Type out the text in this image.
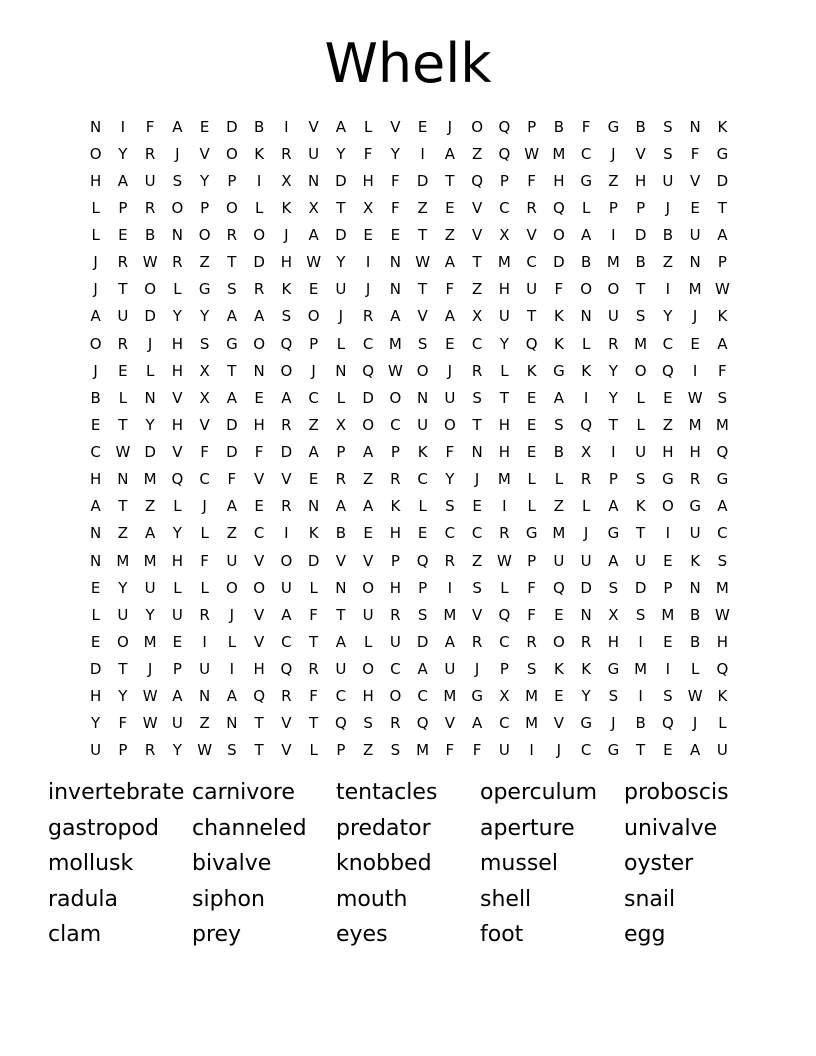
Whelk
N	I	F	A	E	D	B	I	V	A	L	V	E	J	O	Q	P	B	F	G	B	S	N	K
O	Y	R	J	V	O	K	R	U	Y	F	Y	I	A	Z	Q W M	C	J	V	S	F	G
H	A	U	S	Y	P	I	X	N	D	H	F	D	T	Q	P	F	H	G	Z	H	U	V	D
L	P	R	O	P	O	L	K	X	T	X	F	Z	E	V	C	R	Q	L	P	P	J	E	T
L	E	B	N	O	R	O	J	A	D	E	E	T	Z	V	X	V	O	A	I	D	B	U	A
J	R W R	Z	T	D	H W	Y	I	N W A	T	M	C	D	B	M	B	Z	N	P
J	T	O	L	G	S	R	K	E	U	J	N	T	F	Z	H	U	F	O	O	T	I	M W
A	U	D	Y	Y	A	A	S	O	J	R	A	V	A	X	U	T	K	N	U	S	Y	J	K
O	R	J	H	S	G	O	Q	P	L	C	M	S	E	C	Y	Q	K	L	R	M	C	E	A
J	E	L	H	X	T	N	O	J	N	Q W O	J	R	L	K	G	K	Y	O	Q	I	F
B	L	N	V	X	A	E	A	C	L	D	O	N	U	S	T	E	A	I	Y	L	E	W	S
E	T	Y	H	V	D	H	R	Z	X	O	C	U	O	T	H	E	S	Q	T	L	Z	M M
C W D	V	F	D	F	D	A	P	A	P	K	F	N	H	E	B	X	I	U	H	H	Q
H	N	M Q	C	F	V	V	E	R	Z	R	C	Y	J	M	L	L	R	P	S	G	R	G
A	T	Z	L	J	A	E	R	N	A	A	K	L	S	E	I	L	Z	L	A	K	O	G	A
N	Z	A	Y	L	Z	C	I	K	B	E	H	E	C	C	R	G M	J	G	T	I	U	C
N	M M	H	F	U	V	O	D	V	V	P	Q	R	Z W	P	U	U	A	U	E	K	S
E	Y	U	L	L	O	O	U	L	N	O	H	P	I	S	L	F	Q	D	S	D	P	N	M
L	U	Y	U	R	J	V	A	F	T	U	R	S	M	V	Q	F	E	N	X	S	M	B W
E	O M	E	I	L	V	C	T	A	L	U	D	A	R	C	R	O	R	H	I	E	B	H
D	T	J	P	U	I	H	Q	R	U	O	C	A	U	J	P	S	K	K	G M	I	L	Q
H	Y	W A	N	A	Q	R	F	C	H	O	C	M G	X	M	E	Y	S	I	S	W K
Y	F	W U	Z	N	T	V	T	Q	S	R	Q	V	A	C	M	V	G	J	B	Q	J	L
U	P	R	Y	W	S	T	V	L	P	Z	S	M	F	F	U	I	J	C	G	T	E	A	U
invertebrate carnivore	tentacles	operculum	proboscis
gastropod	channeled	predator	aperture	univalve
mollusk	bivalve	knobbed	mussel	oyster
radula	siphon	mouth	shell	snail
clam	prey	eyes	foot	egg
